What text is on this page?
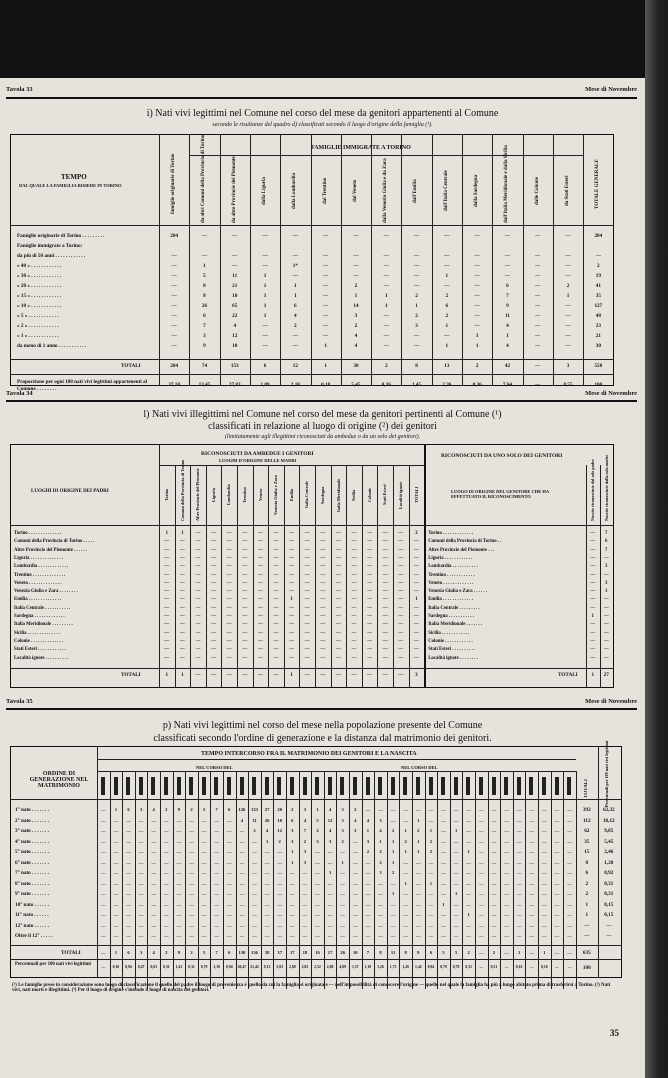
Tavola 33	Mese di Novembre
i) Nati vivi legittimi nel Comune nel corso del mese da genitori appartenenti al Comune
secondo le risultanze del quadro d) classificati secondo il luogo d'origine della famiglia (¹).
TEMPO
DAL QUALE LA FAMIGLIA RISIEDE IN TORINO
FAMIGLIE IMMIGRATE A TORINO
famiglie originarie di Torino	da altri Comuni della Provincia di Torino	da altre Provincie del Piemonte	dalla Liguria	dalla Lombardia	dal Trentino	dal Veneto	dalla Venezia Giulia e da Zara	dall'Emilia	dall'Italia Centrale	dalla Sardegna	dall'Italia Meridionale e dalla Sicilia	dalle Colonie	da Stati Esteri	TOTALE GENERALE
Famiglie originarie di Torino . . . . . . . . .	204	—	—	—	—	—	—	—	—	—	—	—	—	—	204
Famiglie immigrate a Torino:
da più di 50 anni . . . . . . . . . . . .	—	—	—	—	—	—	—	—	—	—	—	—	—	—	—
» 40 » . . . . . . . . . . . .	—	1	—	—	1*	—	—	—	—	—	—	—	—	—	2
» 30 » . . . . . . . . . . . .	—	5	11	1	—	—	—	—	—	1	—	—	—	—	19
» 20 » . . . . . . . . . . . .	—	8	21	1	1	—	2	—	—	—	—	6	—	2	41
» 15 » . . . . . . . . . . . .	—	8	10	1	1	—	1	1	2	2	—	7	—	1	35
» 10 » . . . . . . . . . . . .	—	26	65	1	6	—	14	1	1	6	—	9	—	—	127
» 5 » . . . . . . . . . . . .	—	6	22	1	4	—	3	—	2	2	—	11	—	—	48
» 2 » . . . . . . . . . . . .	—	7	4	—	2	—	2	—	3	1	—	4	—	—	23
» 1 » . . . . . . . . . . . .	—	3	12	—	—	—	4	—	—	—	1	1	—	—	21
da meno di 1 anno . . . . . . . . . . .	—	9	10	—	—	1	4	—	—	1	1	4	—	—	30
TOTALI	204	74	153	6	12	1	30	2	8	13	2	42	—	3	550
Proporzione per ogni 100 nati vivi legittimi appartenenti al Comune . . . . . . . .
37,10	13,45	27,83	1,09	2,18	0,18	5,45	0,36	1,45	2,36	0,36	7,64	—	0,55	100
Tavola 34	Mese di Novembre
l) Nati vivi illegittimi nel Comune nel corso del mese da genitori pertinenti al Comune (¹)
classificati in relazione al luogo di origine (²) dei genitori
(limitatamente agli illegittimi riconosciuti da ambedue o da un solo dei genitori).
LUOGHI DI ORIGINE DEI PADRI
RICONOSCIUTI DA AMBEDUE I GENITORI
LUOGHI D'ORIGINE DELLE MADRI
RICONOSCIUTI DA UNO SOLO DEI GENITORI
LUOGO DI ORIGINE DEL GENITORE CHE HA EFFETTUATO IL RICONOSCIMENTO
Torino	Comuni della Provincia di Torino	Altre Provincie del Piemonte	Liguria	Lombardia	Trentino	Veneto	Venezia Giulia e Zara	Emilia	Italia Centrale	Sardegna	Italia Meridionale	Sicilia	Colonie	Stati Esteri	Località ignote	TOTALI	Nascite riconosciute dal solo padre	Nascite riconosciute dalla sola madre
Torino . . . . . . . . . . . . . .	1	1	—	—	—	—	—	—	—	—	—	—	—	—	—	—	2	Torino . . . . . . . . . . . . .	—	7
Comuni della Provincia di Torino . . . . .	—	—	—	—	—	—	—	—	—	—	—	—	—	—	—	—	—	Comuni della Provincia di Torino . .	—	6
Altre Provincie del Piemonte . . . . . .	—	—	—	—	—	—	—	—	—	—	—	—	—	—	—	—	—	Altre Provincie del Piemonte . . .	—	7
Liguria . . . . . . . . . . . . . .	—	—	—	—	—	—	—	—	—	—	—	—	—	—	—	—	—	Liguria . . . . . . . . . . . .	—	—
Lombardia . . . . . . . . . . . . .	—	—	—	—	—	—	—	—	—	—	—	—	—	—	—	—	—	Lombardia . . . . . . . . . . .	—	3
Trentino . . . . . . . . . . . . . .	—	—	—	—	—	—	—	—	—	—	—	—	—	—	—	—	—	Trentino . . . . . . . . . . . .	—	—
Veneto . . . . . . . . . . . . . .	—	—	—	—	—	—	—	—	—	—	—	—	—	—	—	—	—	Veneto . . . . . . . . . . . . .	—	3
Venezia Giulia e Zara . . . . . . . .	—	—	—	—	—	—	—	—	—	—	—	—	—	—	—	—	—	Venezia Giulia e Zara . . . . . .	—	1
Emilia . . . . . . . . . . . . . .	—	—	—	—	—	—	—	—	1	—	—	—	—	—	—	—	1	Emilia . . . . . . . . . . . . .	—	—
Italia Centrale . . . . . . . . . . .	—	—	—	—	—	—	—	—	—	—	—	—	—	—	—	—	—	Italia Centrale . . . . . . . . .	—	—
Sardegna . . . . . . . . . . . . .	—	—	—	—	—	—	—	—	—	—	—	—	—	—	—	—	—	Sardegna . . . . . . . . . . .	1	—
Italia Meridionale . . . . . . . . .	—	—	—	—	—	—	—	—	—	—	—	—	—	—	—	—	—	Italia Meridionale . . . . . . .	—	—
Sicilia . . . . . . . . . . . . . .	—	—	—	—	—	—	—	—	—	—	—	—	—	—	—	—	—	Sicilia . . . . . . . . . . . .	—	—
Colonie . . . . . . . . . . . . . .	—	—	—	—	—	—	—	—	—	—	—	—	—	—	—	—	—	Colonie . . . . . . . . . . . .	—	—
Stati Esteri . . . . . . . . . . . .	—	—	—	—	—	—	—	—	—	—	—	—	—	—	—	—	—	Stati Esteri . . . . . . . . . .	—	—
Località ignote . . . . . . . . . .	—	—	—	—	—	—	—	—	—	—	—	—	—	—	—	—	—	Località ignote . . . . . . . .	—	—
TOTALI	1	1	—	—	—	—	—	—	1	—	—	—	—	—	—	—	3	TOTALI	1	27
Tavola 35	Mese di Novembre
p) Nati vivi legittimi nel corso del mese nella popolazione presente del Comune
classificati secondo l'ordine di generazione e la distanza dal matrimonio dei genitori.
ORDINE DI GENERAZIONE NEL MATRIMONIO
TEMPO INTERCORSO FRA IL MATRIMONIO DEI GENITORI E LA NASCITA
NEL CORSO DEL	NEL CORSO DEL
TOTALI	Percentuali per 100 nati vivi legittimi
1° nato . . . . . . .	—	1	6	3	4	2	9	2	5	7	6	126	123	27	20	2	3	1	4	3	2	—	—	—	—	—	—	—	—	—	—	—	—	—	—	—	—	—	392	62,32
2° nato . . . . . . .	—	—	—	—	—	—	—	—	—	—	—	4	11	26	10	6	4	5	12	3	4	4	3	—	—	1	—	—	—	—	—	—	—	—	—	—	—	—	112	18,12
3° nato . . . . . . .	—	—	—	—	—	—	—	—	—	—	—	—	2	4	12	3	7	2	4	3	3	1	4	2	1	2	1	—	1	—	—	—	—	—	—	—	—	—	62	9,85
4° nato . . . . . . .	—	—	—	—	—	—	—	—	—	—	—	—	—	1	2	3	2	3	3	2	—	3	1	1	2	1	2	—	—	—	—	—	—	—	—	—	—	—	35	5,45
5° nato . . . . . . .	—	—	—	—	—	—	—	—	—	—	—	—	—	—	—	1	3	—	—	—	—	2	2	1	1	1	2	—	—	1	—	—	—	—	—	—	—	—	15	2,46
6° nato . . . . . . .	—	—	—	—	—	—	—	—	—	—	—	—	—	—	—	1	3	—	—	1	—	—	2	1	—	—	—	—	—	—	—	—	—	—	—	—	—	—	8	1,20
7° nato . . . . . . .	—	—	—	—	—	—	—	—	—	—	—	—	—	—	—	—	—	—	1	—	—	—	3	2	—	—	—	—	—	—	—	—	—	—	—	—	—	—	6	0,92
8° nato . . . . . . .	—	—	—	—	—	—	—	—	—	—	—	—	—	—	—	—	—	—	—	—	—	—	—	—	1	—	1	—	—	—	—	—	—	—	—	—	—	—	2	0,31
9° nato . . . . . . .	—	—	—	—	—	—	—	—	—	—	—	—	—	—	—	—	—	—	—	—	—	—	—	1	—	—	—	—	1	—	—	—	—	—	—	—	—	—	2	0,31
10° nato . . . . . .	—	—	—	—	—	—	—	—	—	—	—	—	—	—	—	—	—	—	—	—	—	—	—	—	—	—	—	1	—	—	—	—	—	—	—	—	—	—	1	0,15
11° nato . . . . . .	—	—	—	—	—	—	—	—	—	—	—	—	—	—	—	—	—	—	—	—	—	—	—	—	—	—	—	—	—	1	—	—	—	—	—	—	—	—	1	0,15
12° nato . . . . . .	—	—	—	—	—	—	—	—	—	—	—	—	—	—	—	—	—	—	—	—	—	—	—	—	—	—	—	—	—	—	—	—	—	—	—	—	—	—	—	—
Oltre il 12° . . . . .	—	—	—	—	—	—	—	—	—	—	—	—	—	—	—	—	—	—	—	—	—	—	—	—	—	—	—	—	—	—	—	—	—	—	—	—	—	—	—	—
TOTALI	—	1	6	3	4	2	9	2	5	7	6	130	136	58	37	17	18	16	17	26	10	7	8	11	8	9	6	5	5	2	—	2	—	1	—	1	—	—	635
Percentuali per 100 nati vivi legittimi	—	0,16	0,94	0,47	0,63	0,31	1,41	0,31	0,79	1,10	0,94	20,47	21,42	9,13	5,83	2,68	2,83	2,52	2,68	4,09	1,57	1,10	1,26	1,73	1,26	1,42	0,94	0,79	0,79	0,31	—	0,31	—	0,16	—	0,16	—	—	100
(¹) Le famiglie prese in considerazione sono luogo di classificazione il quello del padre il luogo di provenienza è quello da cui la famiglia si originata e — nell'impossibilità di conoscere l'origine — quello nel quale la famiglia ha più a lungo abitato prima di trasferirsi a Torino. (²) Nati vivi, nati morti e illegittimi. (³) Per il luogo di origine s'intende il luogo di nascita dei genitori.
35
